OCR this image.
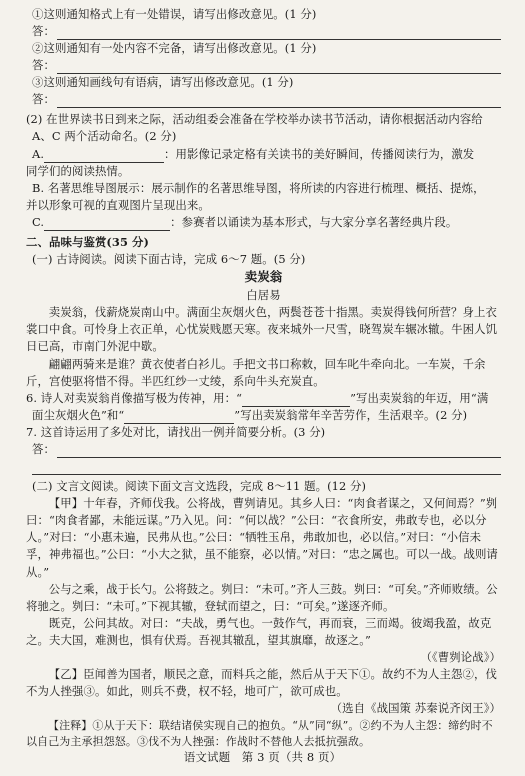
①这则通知格式上有一处错误，请写出修改意见。(1 分)
答：
②这则通知有一处内容不完备，请写出修改意见。(1 分)
答：
③这则通知画线句有语病，请写出修改意见。(1 分)
答：
(2) 在世界读书日到来之际，活动组委会准备在学校举办读书节活动，请你根据活动内容给
A、C 两个活动命名。(2 分)
A.	：用影像记录定格有关读书的美好瞬间，传播阅读行为，激发
同学们的阅读热情。
B. 名著思维导图展示：展示制作的名著思维导图，将所读的内容进行梳理、概括、提炼，
并以形象可视的直观图片呈现出来。
C.	：参赛者以诵读为基本形式，与大家分享名著经典片段。
二、品味与鉴赏(35 分)
(一) 古诗阅读。阅读下面古诗，完成 6～7 题。(5 分)
卖炭翁
白居易
卖炭翁，伐薪烧炭南山中。满面尘灰烟火色，两鬓苍苍十指黑。卖炭得钱何所营？身上衣裳口中食。可怜身上衣正单，心忧炭贱愿天寒。夜来城外一尺雪，晓驾炭车辗冰辙。牛困人饥日已高，市南门外泥中歇。
翩翩两骑来是谁？黄衣使者白衫儿。手把文书口称敕，回车叱牛牵向北。一车炭，千余斤，宫使驱将惜不得。半匹红纱一丈绫，系向牛头充炭直。
6. 诗人对卖炭翁肖像描写极为传神，用：“	”写出卖炭翁的年迈，用“满
面尘灰烟火色”和“	”写出卖炭翁常年辛苦劳作，生活艰辛。(2 分)
7. 这首诗运用了多处对比，请找出一例并简要分析。(3 分)
答：
(二) 文言文阅读。阅读下面文言文选段，完成 8～11 题。(12 分)
【甲】十年春，齐师伐我。公将战，曹刿请见。其乡人曰：“肉食者谋之，又何间焉？”刿曰：“肉食者鄙，未能远谋。”乃入见。问：“何以战？”公曰：“衣食所安，弗敢专也，必以分人。”对曰：“小惠未遍，民弗从也。”公曰：“牺牲玉帛，弗敢加也，必以信。”对曰：“小信未孚，神弗福也。”公曰：“小大之狱，虽不能察，必以情。”对曰：“忠之属也。可以一战。战则请从。”
公与之乘，战于长勺。公将鼓之。刿曰：“未可。”齐人三鼓。刿曰：“可矣。”齐师败绩。公将驰之。刿曰：“未可。”下视其辙，登轼而望之，曰：“可矣。”遂逐齐师。
既克，公问其故。对曰：“夫战，勇气也。一鼓作气，再而衰，三而竭。彼竭我盈，故克之。夫大国，难测也，惧有伏焉。吾视其辙乱，望其旗靡，故逐之。”
（《曹刿论战》）
【乙】臣闻善为国者，顺民之意，而料兵之能，然后从于天下①。故约不为人主怨②，伐不为人挫强③。如此，则兵不费，权不轻，地可广，欲可成也。
（选自《战国策 苏秦说齐闵王》）
【注释】①从于天下：联结诸侯实现自己的抱负。“从”同“纵”。②约不为人主怨：缔约时不以自己为主承担怨怒。③伐不为人挫强：作战时不替他人去抵抗强敌。
语文试题　第 3 页（共 8 页）
